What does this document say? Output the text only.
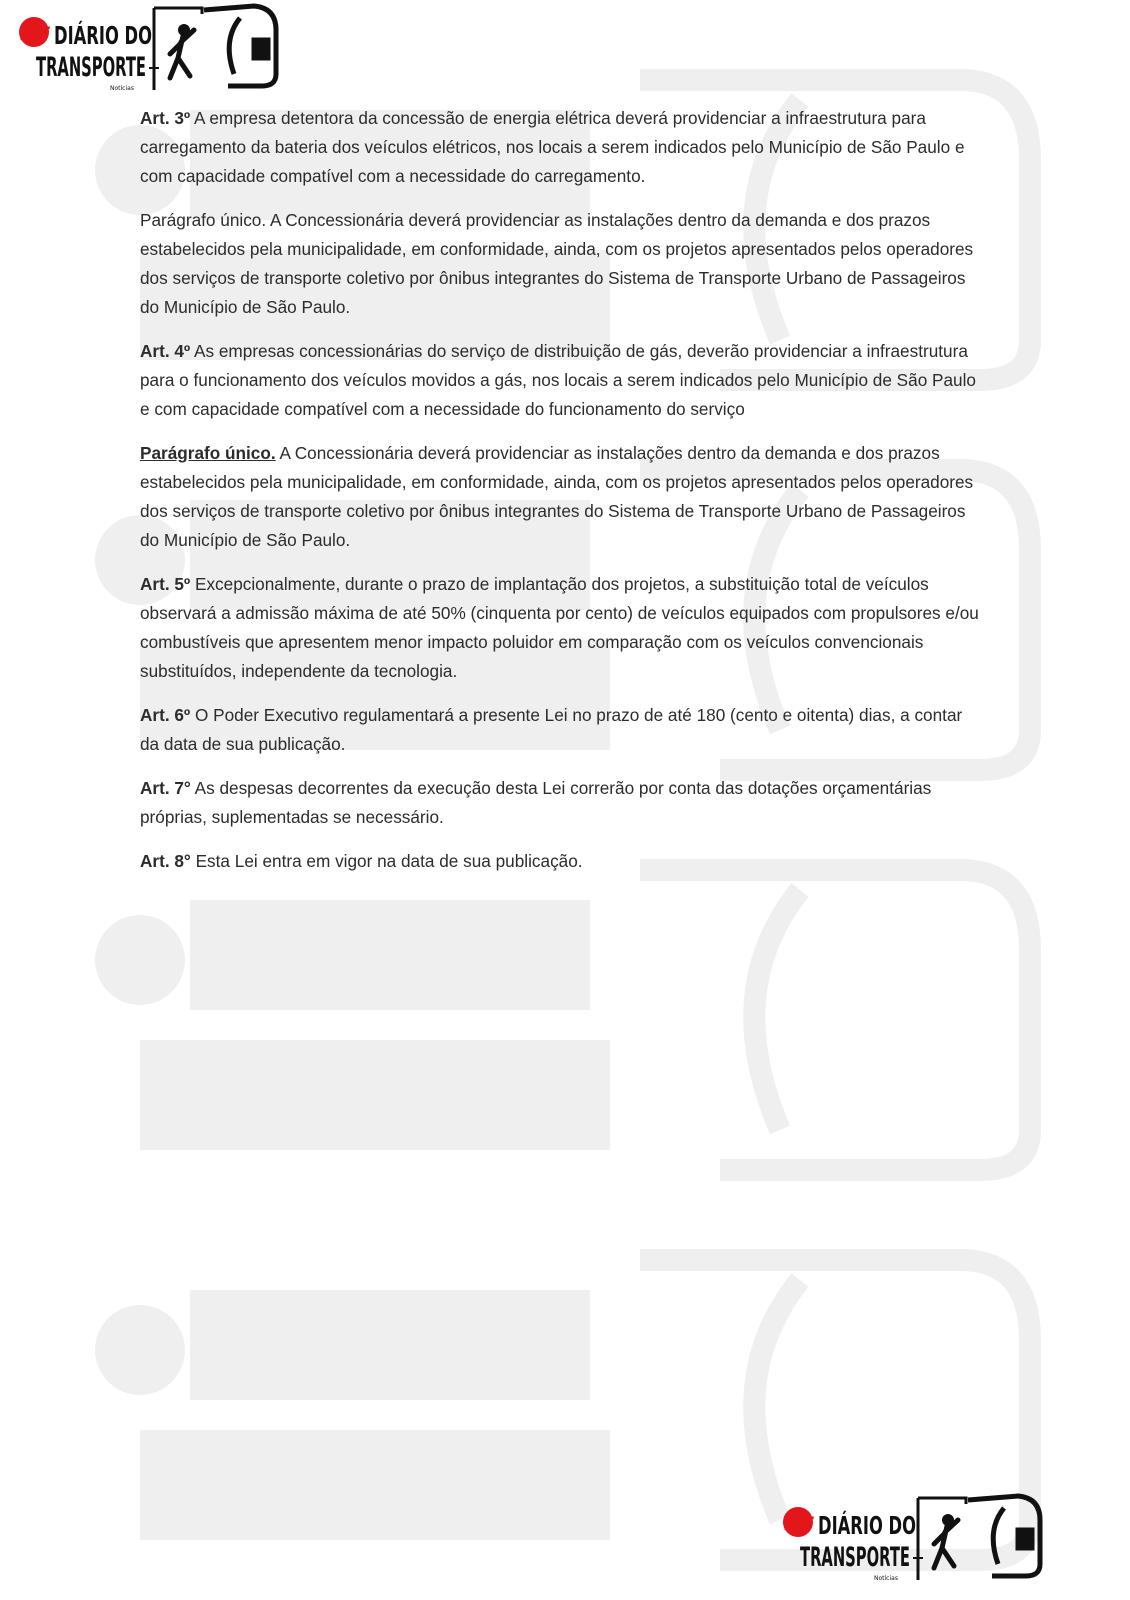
DT DIÁRIO DO
TRANSPORTE
Notícias

Art. 3º A empresa detentora da concessão de energia elétrica deverá providenciar a infraestrutura para carregamento da bateria dos veículos elétricos, nos locais a serem indicados pelo Município de São Paulo e com capacidade compatível com a necessidade do carregamento.

Parágrafo único. A Concessionária deverá providenciar as instalações dentro da demanda e dos prazos estabelecidos pela municipalidade, em conformidade, ainda, com os projetos apresentados pelos operadores dos serviços de transporte coletivo por ônibus integrantes do Sistema de Transporte Urbano de Passageiros do Município de São Paulo.

Art. 4º As empresas concessionárias do serviço de distribuição de gás, deverão providenciar a infraestrutura para o funcionamento dos veículos movidos a gás, nos locais a serem indicados pelo Município de São Paulo e com capacidade compatível com a necessidade do funcionamento do serviço

Parágrafo único. A Concessionária deverá providenciar as instalações dentro da demanda e dos prazos estabelecidos pela municipalidade, em conformidade, ainda, com os projetos apresentados pelos operadores dos serviços de transporte coletivo por ônibus integrantes do Sistema de Transporte Urbano de Passageiros do Município de São Paulo.

Art. 5º Excepcionalmente, durante o prazo de implantação dos projetos, a substituição total de veículos observará a admissão máxima de até 50% (cinquenta por cento) de veículos equipados com propulsores e/ou combustíveis que apresentem menor impacto poluidor em comparação com os veículos convencionais substituídos, independente da tecnologia.

Art. 6º O Poder Executivo regulamentará a presente Lei no prazo de até 180 (cento e oitenta) dias, a contar da data de sua publicação.

Art. 7° As despesas decorrentes da execução desta Lei correrão por conta das dotações orçamentárias próprias, suplementadas se necessário.

Art. 8° Esta Lei entra em vigor na data de sua publicação.

DT DIÁRIO DO
TRANSPORTE
Notícias
